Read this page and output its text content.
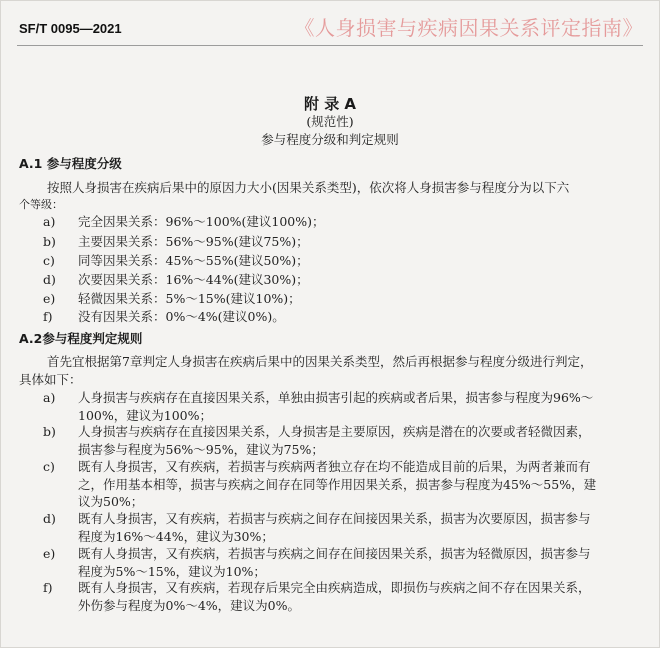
SF/T 0095—2021	《人身损害与疾病因果关系评定指南》
附 录 A
(规范性)
参与程度分级和判定规则
A.1 参与程度分级
按照人身损害在疾病后果中的原因力大小(因果关系类型)，依次将人身损害参与程度分为以下六
个等级：
a)	完全因果关系：96%～100%(建议100%)；
b)	主要因果关系：56%～95%(建议75%)；
c)	同等因果关系：45%～55%(建议50%)；
d)	次要因果关系：16%～44%(建议30%)；
e)	轻微因果关系：5%～15%(建议10%)；
f)	没有因果关系：0%～4%(建议0%)。
A.2参与程度判定规则
首先宜根据第7章判定人身损害在疾病后果中的因果关系类型，然后再根据参与程度分级进行判定，
具体如下：
a)	人身损害与疾病存在直接因果关系，单独由损害引起的疾病或者后果，损害参与程度为96%～
100%，建议为100%；
b)	人身损害与疾病存在直接因果关系，人身损害是主要原因，疾病是潜在的次要或者轻微因素，
损害参与程度为56%～95%，建议为75%；
c)	既有人身损害，又有疾病，若损害与疾病两者独立存在均不能造成目前的后果，为两者兼而有
之，作用基本相等，损害与疾病之间存在同等作用因果关系，损害参与程度为45%～55%，建
议为50%；
d)	既有人身损害，又有疾病，若损害与疾病之间存在间接因果关系，损害为次要原因，损害参与
程度为16%～44%，建议为30%；
e)	既有人身损害，又有疾病，若损害与疾病之间存在间接因果关系，损害为轻微原因，损害参与
程度为5%～15%，建议为10%；
f)	既有人身损害，又有疾病，若现存后果完全由疾病造成，即损伤与疾病之间不存在因果关系，
外伤参与程度为0%～4%，建议为0%。
